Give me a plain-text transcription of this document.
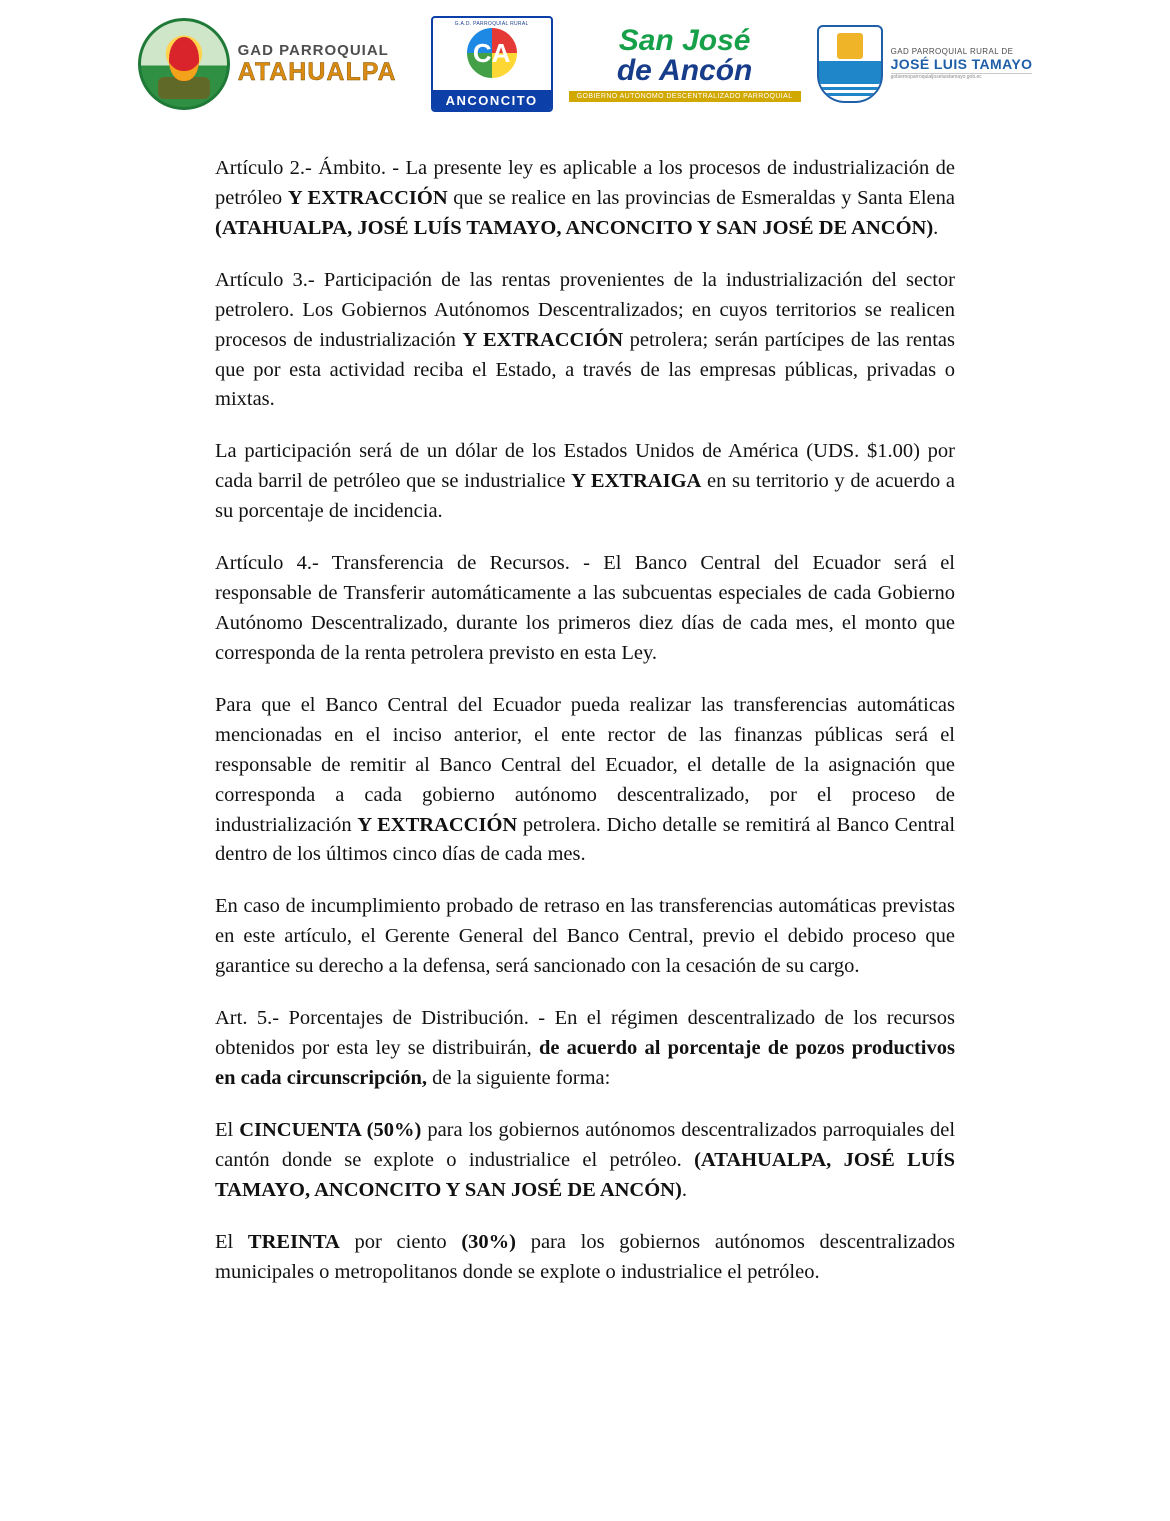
GAD PARROQUIAL
ATAHUALPA
G.A.D. PARROQUIAL RURAL
CA
ANCONCITO
San José
de Ancón
GOBIERNO AUTÓNOMO DESCENTRALIZADO PARROQUIAL
GAD PARROQUIAL RURAL DE
JOSÉ LUIS TAMAYO
gobiernoparroquialjoseluistamayo.gob.ec

Artículo 2.- Ámbito. - La presente ley es aplicable a los procesos de industrialización de petróleo Y EXTRACCIÓN que se realice en las provincias de Esmeraldas y Santa Elena (ATAHUALPA, JOSÉ LUÍS TAMAYO, ANCONCITO Y SAN JOSÉ DE ANCÓN).

Artículo 3.- Participación de las rentas provenientes de la industrialización del sector petrolero. Los Gobiernos Autónomos Descentralizados; en cuyos territorios se realicen procesos de industrialización Y EXTRACCIÓN petrolera; serán partícipes de las rentas que por esta actividad reciba el Estado, a través de las empresas públicas, privadas o mixtas.

La participación será de un dólar de los Estados Unidos de América (UDS. $1.00) por cada barril de petróleo que se industrialice Y EXTRAIGA en su territorio y de acuerdo a su porcentaje de incidencia.

Artículo 4.- Transferencia de Recursos. - El Banco Central del Ecuador será el responsable de Transferir automáticamente a las subcuentas especiales de cada Gobierno Autónomo Descentralizado, durante los primeros diez días de cada mes, el monto que corresponda de la renta petrolera previsto en esta Ley.

Para que el Banco Central del Ecuador pueda realizar las transferencias automáticas mencionadas en el inciso anterior, el ente rector de las finanzas públicas será el responsable de remitir al Banco Central del Ecuador, el detalle de la asignación que corresponda a cada gobierno autónomo descentralizado, por el proceso de industrialización Y EXTRACCIÓN petrolera. Dicho detalle se remitirá al Banco Central dentro de los últimos cinco días de cada mes.

En caso de incumplimiento probado de retraso en las transferencias automáticas previstas en este artículo, el Gerente General del Banco Central, previo el debido proceso que garantice su derecho a la defensa, será sancionado con la cesación de su cargo.

Art. 5.- Porcentajes de Distribución. - En el régimen descentralizado de los recursos obtenidos por esta ley se distribuirán, de acuerdo al porcentaje de pozos productivos en cada circunscripción, de la siguiente forma:

El CINCUENTA (50%) para los gobiernos autónomos descentralizados parroquiales del cantón donde se explote o industrialice el petróleo. (ATAHUALPA, JOSÉ LUÍS TAMAYO, ANCONCITO Y SAN JOSÉ DE ANCÓN).

El TREINTA por ciento (30%) para los gobiernos autónomos descentralizados municipales o metropolitanos donde se explote o industrialice el petróleo.
